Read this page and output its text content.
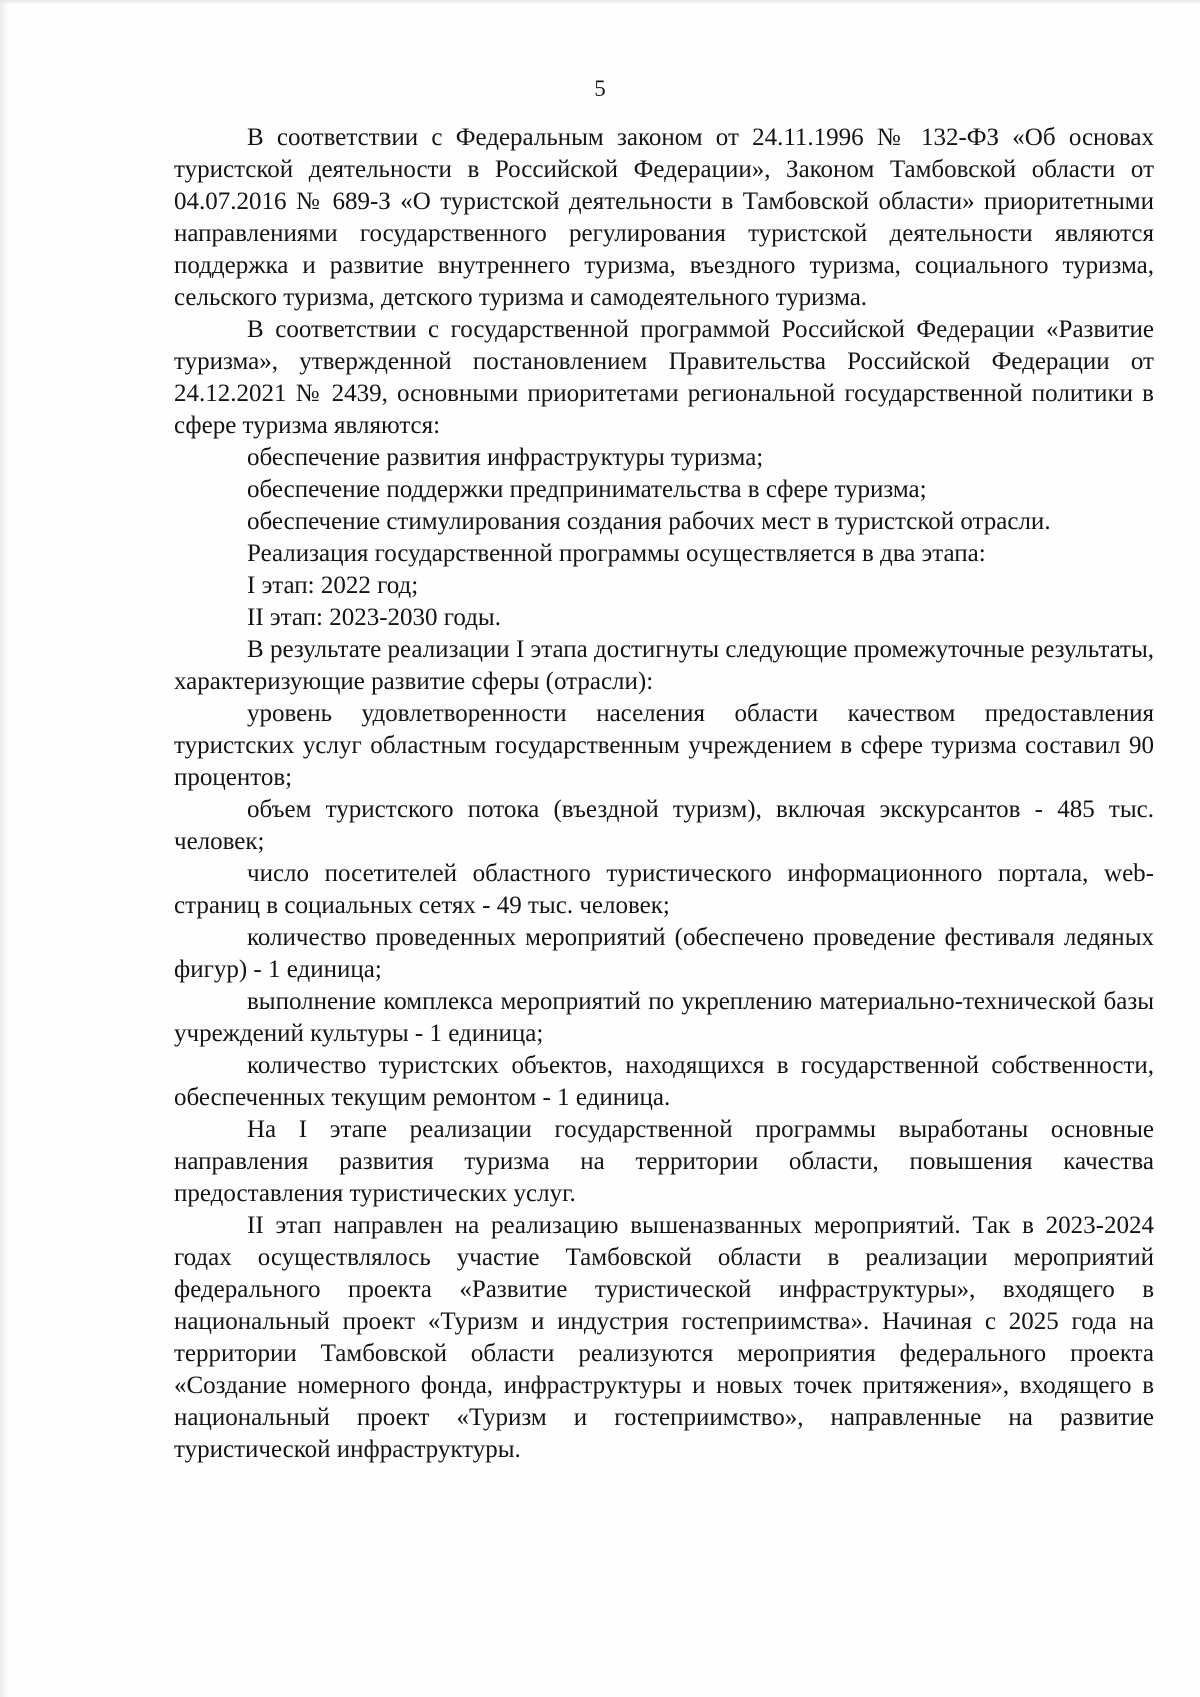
5

В соответствии с Федеральным законом от 24.11.1996 № 132-ФЗ «Об основах туристской деятельности в Российской Федерации», Законом Тамбовской области от 04.07.2016 № 689-З «О туристской деятельности в Тамбовской области» приоритетными направлениями государственного регулирования туристской деятельности являются поддержка и развитие внутреннего туризма, въездного туризма, социального туризма, сельского туризма, детского туризма и самодеятельного туризма.

В соответствии с государственной программой Российской Федерации «Развитие туризма», утвержденной постановлением Правительства Российской Федерации от 24.12.2021 № 2439, основными приоритетами региональной государственной политики в сфере туризма являются:

обеспечение развития инфраструктуры туризма;

обеспечение поддержки предпринимательства в сфере туризма;

обеспечение стимулирования создания рабочих мест в туристской отрасли.

Реализация государственной программы осуществляется в два этапа:

I этап: 2022 год;

II этап: 2023-2030 годы.

В результате реализации I этапа достигнуты следующие промежуточные результаты, характеризующие развитие сферы (отрасли):

уровень удовлетворенности населения области качеством предоставления туристских услуг областным государственным учреждением в сфере туризма составил 90 процентов;

объем туристского потока (въездной туризм), включая экскурсантов - 485 тыс. человек;

число посетителей областного туристического информационного портала, web-страниц в социальных сетях - 49 тыс. человек;

количество проведенных мероприятий (обеспечено проведение фестиваля ледяных фигур) - 1 единица;

выполнение комплекса мероприятий по укреплению материально-технической базы учреждений культуры - 1 единица;

количество туристских объектов, находящихся в государственной собственности, обеспеченных текущим ремонтом - 1 единица.

На I этапе реализации государственной программы выработаны основные направления развития туризма на территории области, повышения качества предоставления туристических услуг.

II этап направлен на реализацию вышеназванных мероприятий. Так в 2023-2024 годах осуществлялось участие Тамбовской области в реализации мероприятий федерального проекта «Развитие туристической инфраструктуры», входящего в национальный проект «Туризм и индустрия гостеприимства». Начиная с 2025 года на территории Тамбовской области реализуются мероприятия федерального проекта «Создание номерного фонда, инфраструктуры и новых точек притяжения», входящего в национальный проект «Туризм и гостеприимство», направленные на развитие туристической инфраструктуры.
